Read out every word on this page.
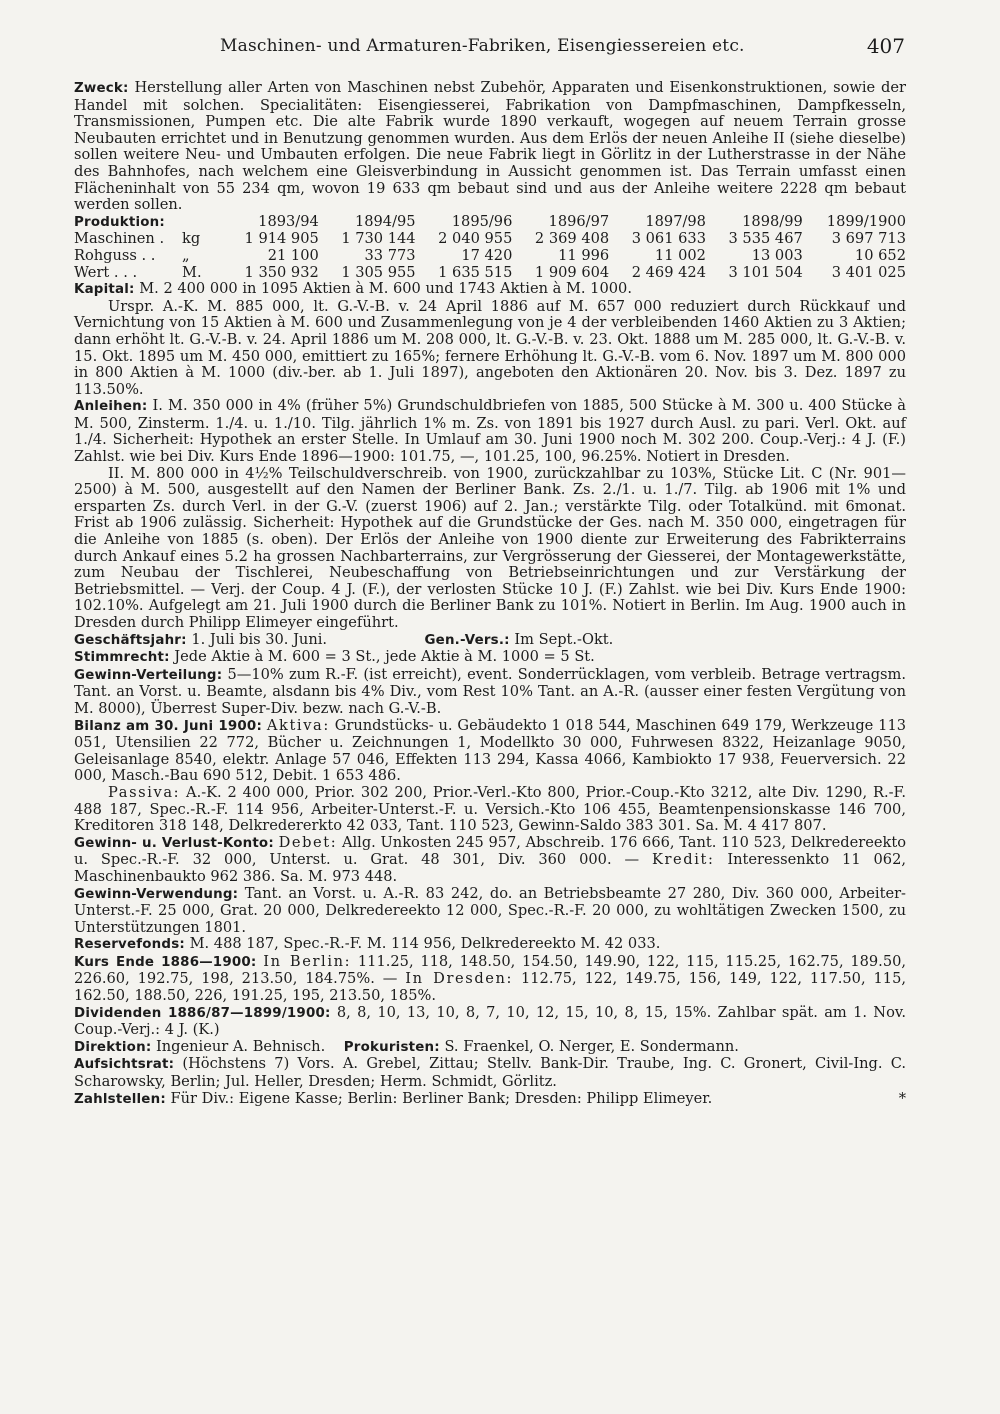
Maschinen- und Armaturen-Fabriken, Eisengiessereien etc.	407

Zweck: Herstellung aller Arten von Maschinen nebst Zubehör, Apparaten und Eisenkonstruktionen, sowie der Handel mit solchen. Specialitäten: Eisengiesserei, Fabrikation von Dampfmaschinen, Dampfkesseln, Transmissionen, Pumpen etc. Die alte Fabrik wurde 1890 verkauft, wogegen auf neuem Terrain grosse Neubauten errichtet und in Benutzung genommen wurden. Aus dem Erlös der neuen Anleihe II (siehe dieselbe) sollen weitere Neu- und Umbauten erfolgen. Die neue Fabrik liegt in Görlitz in der Lutherstrasse in der Nähe des Bahnhofes, nach welchem eine Gleisverbindung in Aussicht genommen ist. Das Terrain umfasst einen Flächeninhalt von 55 234 qm, wovon 19 633 qm bebaut sind und aus der Anleihe weitere 2228 qm bebaut werden sollen.

Produktion:		1893/94	1894/95	1895/96	1896/97	1897/98	1898/99	1899/1900
Maschinen .	kg	1 914 905	1 730 144	2 040 955	2 369 408	3 061 633	3 535 467	3 697 713
Rohguss . .	„	21 100	33 773	17 420	11 996	11 002	13 003	10 652
Wert . . .	M.	1 350 932	1 305 955	1 635 515	1 909 604	2 469 424	3 101 504	3 401 025

Kapital: M. 2 400 000 in 1095 Aktien à M. 600 und 1743 Aktien à M. 1000.

Urspr. A.-K. M. 885 000, lt. G.-V.-B. v. 24 April 1886 auf M. 657 000 reduziert durch Rückkauf und Vernichtung von 15 Aktien à M. 600 und Zusammenlegung von je 4 der verbleibenden 1460 Aktien zu 3 Aktien; dann erhöht lt. G.-V.-B. v. 24. April 1886 um M. 208 000, lt. G.-V.-B. v. 23. Okt. 1888 um M. 285 000, lt. G.-V.-B. v. 15. Okt. 1895 um M. 450 000, emittiert zu 165%; fernere Erhöhung lt. G.-V.-B. vom 6. Nov. 1897 um M. 800 000 in 800 Aktien à M. 1000 (div.-ber. ab 1. Juli 1897), angeboten den Aktionären 20. Nov. bis 3. Dez. 1897 zu 113.50%.

Anleihen: I. M. 350 000 in 4% (früher 5%) Grundschuldbriefen von 1885, 500 Stücke à M. 300 u. 400 Stücke à M. 500, Zinsterm. 1./4. u. 1./10. Tilg. jährlich 1% m. Zs. von 1891 bis 1927 durch Ausl. zu pari. Verl. Okt. auf 1./4. Sicherheit: Hypothek an erster Stelle. In Umlauf am 30. Juni 1900 noch M. 302 200. Coup.-Verj.: 4 J. (F.) Zahlst. wie bei Div. Kurs Ende 1896—1900: 101.75, —, 101.25, 100, 96.25%. Notiert in Dresden.

II. M. 800 000 in 4½% Teilschuldverschreib. von 1900, zurückzahlbar zu 103%, Stücke Lit. C (Nr. 901—2500) à M. 500, ausgestellt auf den Namen der Berliner Bank. Zs. 2./1. u. 1./7. Tilg. ab 1906 mit 1% und ersparten Zs. durch Verl. in der G.-V. (zuerst 1906) auf 2. Jan.; verstärkte Tilg. oder Totalkünd. mit 6monat. Frist ab 1906 zulässig. Sicherheit: Hypothek auf die Grundstücke der Ges. nach M. 350 000, eingetragen für die Anleihe von 1885 (s. oben). Der Erlös der Anleihe von 1900 diente zur Erweiterung des Fabrikterrains durch Ankauf eines 5.2 ha grossen Nachbarterrains, zur Vergrösserung der Giesserei, der Montagewerkstätte, zum Neubau der Tischlerei, Neubeschaffung von Betriebseinrichtungen und zur Verstärkung der Betriebsmittel. — Verj. der Coup. 4 J. (F.), der verlosten Stücke 10 J. (F.) Zahlst. wie bei Div. Kurs Ende 1900: 102.10%. Aufgelegt am 21. Juli 1900 durch die Berliner Bank zu 101%. Notiert in Berlin. Im Aug. 1900 auch in Dresden durch Philipp Elimeyer eingeführt.

Geschäftsjahr: 1. Juli bis 30. Juni.	Gen.-Vers.: Im Sept.-Okt.

Stimmrecht: Jede Aktie à M. 600 = 3 St., jede Aktie à M. 1000 = 5 St.

Gewinn-Verteilung: 5—10% zum R.-F. (ist erreicht), event. Sonderrücklagen, vom verbleib. Betrage vertragsm. Tant. an Vorst. u. Beamte, alsdann bis 4% Div., vom Rest 10% Tant. an A.-R. (ausser einer festen Vergütung von M. 8000), Überrest Super-Div. bezw. nach G.-V.-B.

Bilanz am 30. Juni 1900: Aktiva: Grundstücks- u. Gebäudekto 1 018 544, Maschinen 649 179, Werkzeuge 113 051, Utensilien 22 772, Bücher u. Zeichnungen 1, Modellkto 30 000, Fuhrwesen 8322, Heizanlage 9050, Geleisanlage 8540, elektr. Anlage 57 046, Effekten 113 294, Kassa 4066, Kambiokto 17 938, Feuerversich. 22 000, Masch.-Bau 690 512, Debit. 1 653 486.

Passiva: A.-K. 2 400 000, Prior. 302 200, Prior.-Verl.-Kto 800, Prior.-Coup.-Kto 3212, alte Div. 1290, R.-F. 488 187, Spec.-R.-F. 114 956, Arbeiter-Unterst.-F. u. Versich.-Kto 106 455, Beamtenpensionskasse 146 700, Kreditoren 318 148, Delkredererkto 42 033, Tant. 110 523, Gewinn-Saldo 383 301. Sa. M. 4 417 807.

Gewinn- u. Verlust-Konto: Debet: Allg. Unkosten 245 957, Abschreib. 176 666, Tant. 110 523, Delkredereekto u. Spec.-R.-F. 32 000, Unterst. u. Grat. 48 301, Div. 360 000. — Kredit: Interessenkto 11 062, Maschinenbaukto 962 386. Sa. M. 973 448.

Gewinn-Verwendung: Tant. an Vorst. u. A.-R. 83 242, do. an Betriebsbeamte 27 280, Div. 360 000, Arbeiter-Unterst.-F. 25 000, Grat. 20 000, Delkredereekto 12 000, Spec.-R.-F. 20 000, zu wohltätigen Zwecken 1500, zu Unterstützungen 1801.

Reservefonds: M. 488 187, Spec.-R.-F. M. 114 956, Delkredereekto M. 42 033.

Kurs Ende 1886—1900: In Berlin: 111.25, 118, 148.50, 154.50, 149.90, 122, 115, 115.25, 162.75, 189.50, 226.60, 192.75, 198, 213.50, 184.75%. — In Dresden: 112.75, 122, 149.75, 156, 149, 122, 117.50, 115, 162.50, 188.50, 226, 191.25, 195, 213.50, 185%.

Dividenden 1886/87—1899/1900: 8, 8, 10, 13, 10, 8, 7, 10, 12, 15, 10, 8, 15, 15%. Zahlbar spät. am 1. Nov. Coup.-Verj.: 4 J. (K.)

Direktion: Ingenieur A. Behnisch. Prokuristen: S. Fraenkel, O. Nerger, E. Sondermann.

Aufsichtsrat: (Höchstens 7) Vors. A. Grebel, Zittau; Stellv. Bank-Dir. Traube, Ing. C. Gronert, Civil-Ing. C. Scharowsky, Berlin; Jul. Heller, Dresden; Herm. Schmidt, Görlitz.

Zahlstellen: Für Div.: Eigene Kasse; Berlin: Berliner Bank; Dresden: Philipp Elimeyer.	*
